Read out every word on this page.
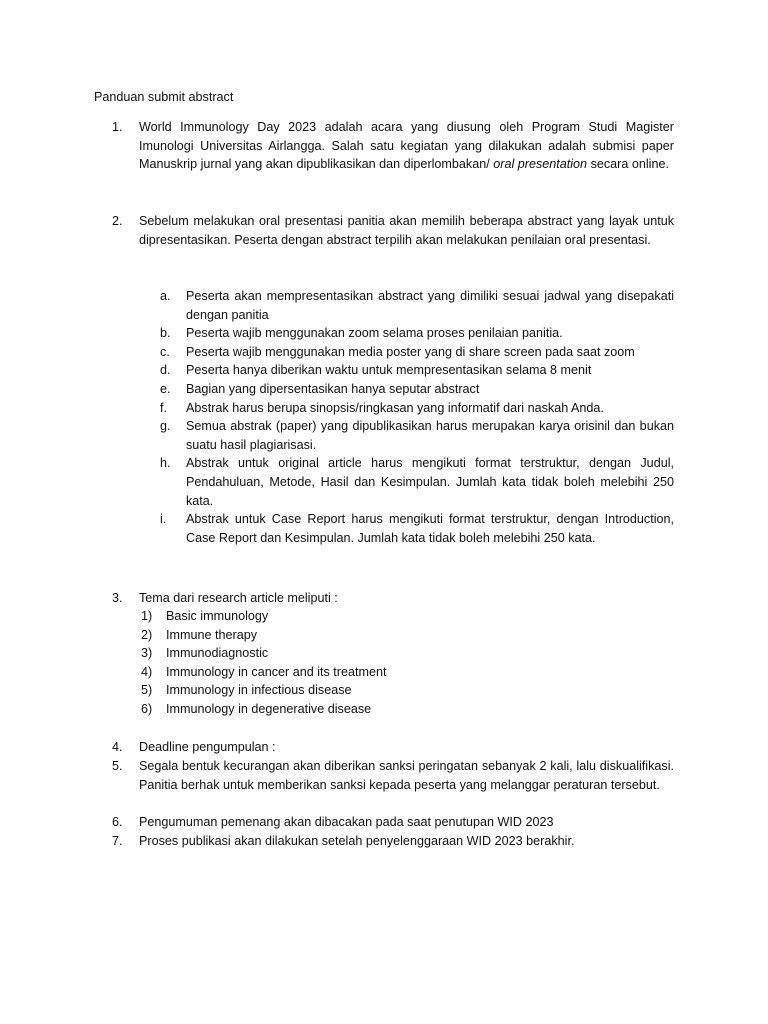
Panduan submit abstract
1.	World Immunology Day 2023 adalah acara yang diusung oleh Program Studi Magister Imunologi Universitas Airlangga. Salah satu kegiatan yang dilakukan adalah submisi paper Manuskrip jurnal yang akan dipublikasikan dan diperlombakan/ oral presentation secara online.
2.	Sebelum melakukan oral presentasi panitia akan memilih beberapa abstract yang layak untuk dipresentasikan. Peserta dengan abstract terpilih akan melakukan penilaian oral presentasi.
a.	Peserta akan mempresentasikan abstract yang dimiliki sesuai jadwal yang disepakati dengan panitia
b.	Peserta wajib menggunakan zoom selama proses penilaian panitia.
c.	Peserta wajib menggunakan media poster yang di share screen pada saat zoom
d.	Peserta hanya diberikan waktu untuk mempresentasikan selama 8 menit
e.	Bagian yang dipersentasikan hanya seputar abstract
f.	Abstrak harus berupa sinopsis/ringkasan yang informatif dari naskah Anda.
g.	Semua abstrak (paper) yang dipublikasikan harus merupakan karya orisinil dan bukan suatu hasil plagiarisasi.
h.	Abstrak untuk original article harus mengikuti format terstruktur, dengan Judul, Pendahuluan, Metode, Hasil dan Kesimpulan. Jumlah kata tidak boleh melebihi 250 kata.
i.	Abstrak untuk Case Report harus mengikuti format terstruktur, dengan Introduction, Case Report dan Kesimpulan. Jumlah kata tidak boleh melebihi 250 kata.
3.	Tema dari research article meliputi :
1)	Basic immunology
2)	Immune therapy
3)	Immunodiagnostic
4)	Immunology in cancer and its treatment
5)	Immunology in infectious disease
6)	Immunology in degenerative disease
4.	Deadline pengumpulan :
5.	Segala bentuk kecurangan akan diberikan sanksi peringatan sebanyak 2 kali, lalu diskualifikasi. Panitia berhak untuk memberikan sanksi kepada peserta yang melanggar peraturan tersebut.
6.	Pengumuman pemenang akan dibacakan pada saat penutupan WID 2023
7.	Proses publikasi akan dilakukan setelah penyelenggaraan WID 2023 berakhir.
